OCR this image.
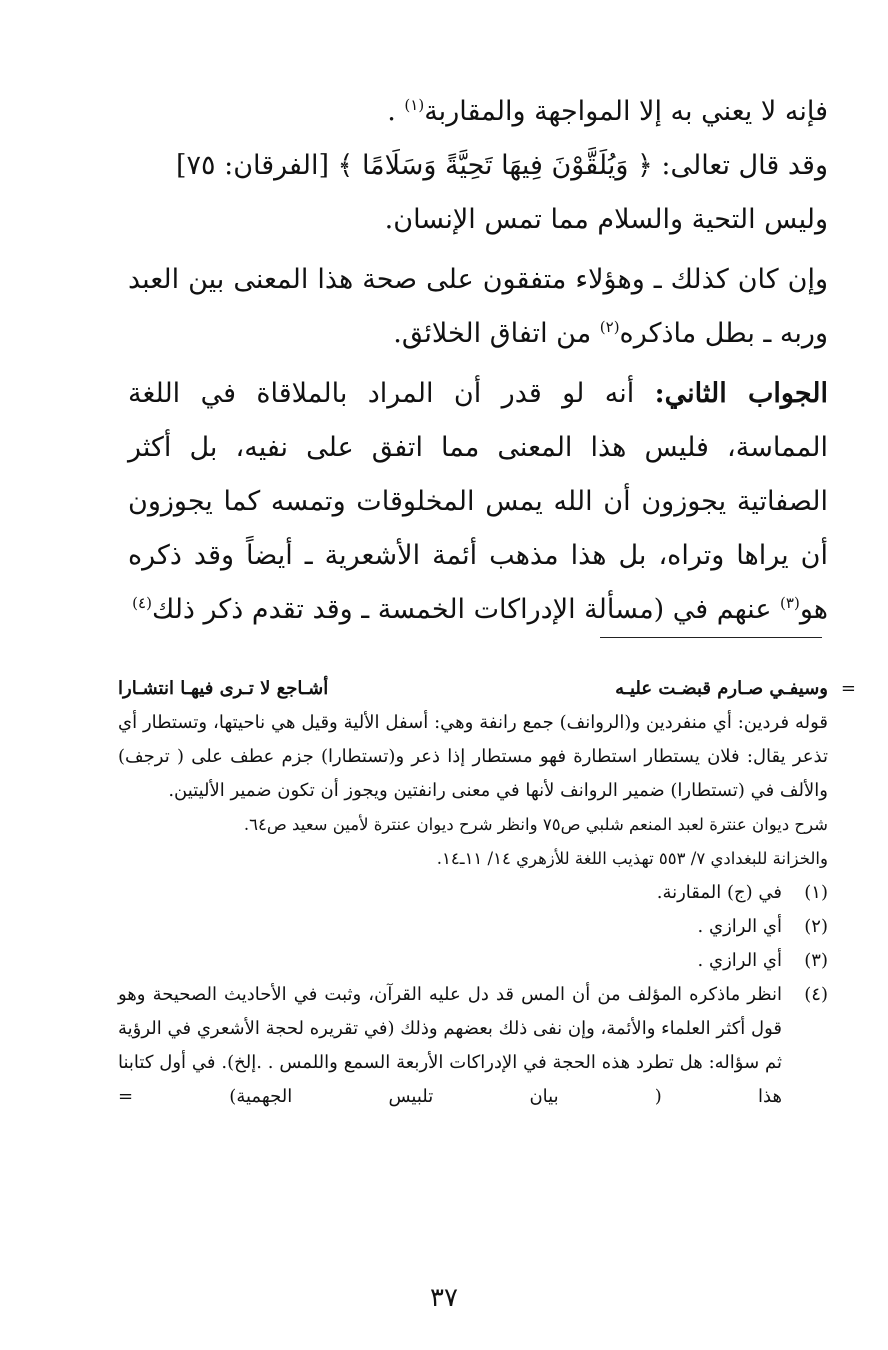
فإنه لا يعني به إلا المواجهة والمقاربة$^{(١)}$ .

وقد قال تعالى: ﴿ وَيُلَقَّوْنَ فِيهَا تَحِيَّةً وَسَلَامًا ﴾ [الفرقان: ٧٥]

وليس التحية والسلام مما تمس الإنسان.

وإن كان كذلك ـ وهؤلاء متفقون على صحة هذا المعنى بين العبد وربه ـ بطل ماذكره$^{(٢)}$ من اتفاق الخلائق.

الجواب الثاني: أنه لو قدر أن المراد بالملاقاة في اللغة المماسة، فليس هذا المعنى مما اتفق على نفيه، بل أكثر الصفاتية يجوزون أن الله يمس المخلوقات وتمسه كما يجوزون أن يراها وتراه، بل هذا مذهب أئمة الأشعرية ـ أيضاً وقد ذكره هو$^{(٣)}$ عنهم في (مسألة الإدراكات الخمسة ـ وقد تقدم ذكر ذلك$^{(٤)}$

=
وسيفـي صـارم قبضـت عليـه
أشـاجع لا تـرى فيهـا انتشـارا

قوله فردين: أي منفردين و(الروانف) جمع رانفة وهي: أسفل الألية وقيل هي ناحيتها، وتستطار أي تذعر يقال: فلان يستطار استطارة فهو مستطار إذا ذعر و(تستطارا) جزم عطف على ( ترجف) والألف في (تستطارا) ضمير الروانف لأنها في معنى رانفتين ويجوز أن تكون ضمير الأليتين.

شرح ديوان عنترة لعبد المنعم شلبي ص٧٥ وانظر شرح ديوان عنترة لأمين سعيد ص٦٤.

والخزانة للبغدادي ٧/ ٥٥٣ تهذيب اللغة للأزهري ١٤/ ١١ـ١٤.

(١)
في (ج) المقارنة.
(٢)
أي الرازي .
(٣)
أي الرازي .
(٤)
انظر ماذكره المؤلف من أن المس قد دل عليه القرآن، وثبت في الأحاديث الصحيحة وهو قول أكثر العلماء والأئمة، وإن نفى ذلك بعضهم وذلك (في تقريره لحجة الأشعري في الرؤية ثم سؤاله: هل تطرد هذه الحجة في الإدراكات الأربعة السمع واللمس . .إلخ). في أول كتابنا هذا ( بيان تلبيس الجهمية) =
٣٧
